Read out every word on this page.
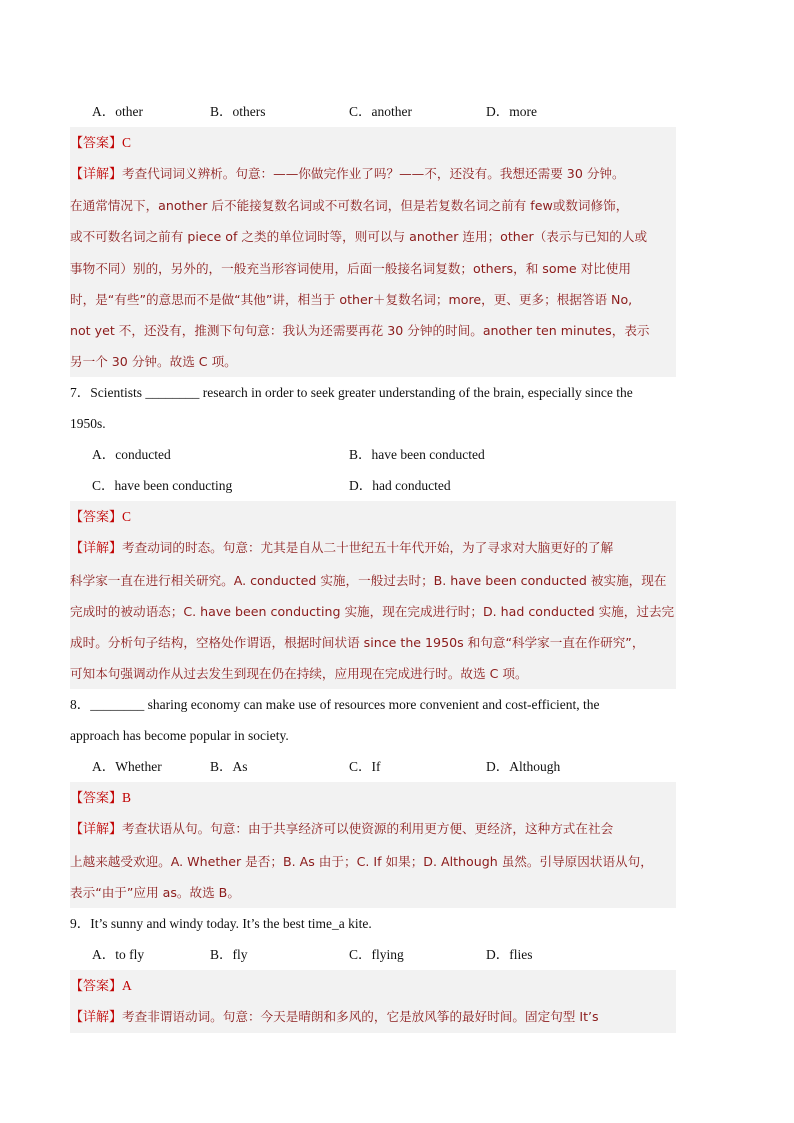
A．other	B．others	C．another	D．more
【答案】C
【详解】考查代词词义辨析。句意：——你做完作业了吗？——不，还没有。我想还需要 30 分钟。
在通常情况下，another 后不能接复数名词或不可数名词，但是若复数名词之前有 few或数词修饰，
或不可数名词之前有 piece of 之类的单位词时等，则可以与 another 连用；other（表示与已知的人或
事物不同）别的，另外的，一般充当形容词使用，后面一般接名词复数；others，和 some 对比使用
时，是“有些”的意思而不是做“其他”讲，相当于 other＋复数名词；more，更、更多；根据答语 No,
not yet 不，还没有，推测下句句意：我认为还需要再花 30 分钟的时间。another ten minutes，表示
另一个 30 分钟。故选 C 项。
7．Scientists ________ research in order to seek greater understanding of the brain, especially since the
1950s.
A．conducted	B．have been conducted
C．have been conducting	D．had conducted
【答案】C
【详解】考查动词的时态。句意：尤其是自从二十世纪五十年代开始，为了寻求对大脑更好的了解
科学家一直在进行相关研究。A. conducted 实施，一般过去时；B. have been conducted 被实施，现在
完成时的被动语态；C. have been conducting 实施，现在完成进行时；D. had conducted 实施，过去完
成时。分析句子结构，空格处作谓语，根据时间状语 since the 1950s 和句意“科学家一直在作研究”，
可知本句强调动作从过去发生到现在仍在持续，应用现在完成进行时。故选 C 项。
8．________ sharing economy can make use of resources more convenient and cost-efficient, the
approach has become popular in society.
A．Whether	B．As	C．If	D．Although
【答案】B
【详解】考查状语从句。句意：由于共享经济可以使资源的利用更方便、更经济，这种方式在社会
上越来越受欢迎。A. Whether 是否；B. As 由于；C. If 如果；D. Although 虽然。引导原因状语从句，
表示“由于”应用 as。故选 B。
9．It’s sunny and windy today. It’s the best time_a kite.
A．to fly	B．fly	C．flying	D．flies
【答案】A
【详解】考查非谓语动词。句意：今天是晴朗和多风的，它是放风筝的最好时间。固定句型 It’s
